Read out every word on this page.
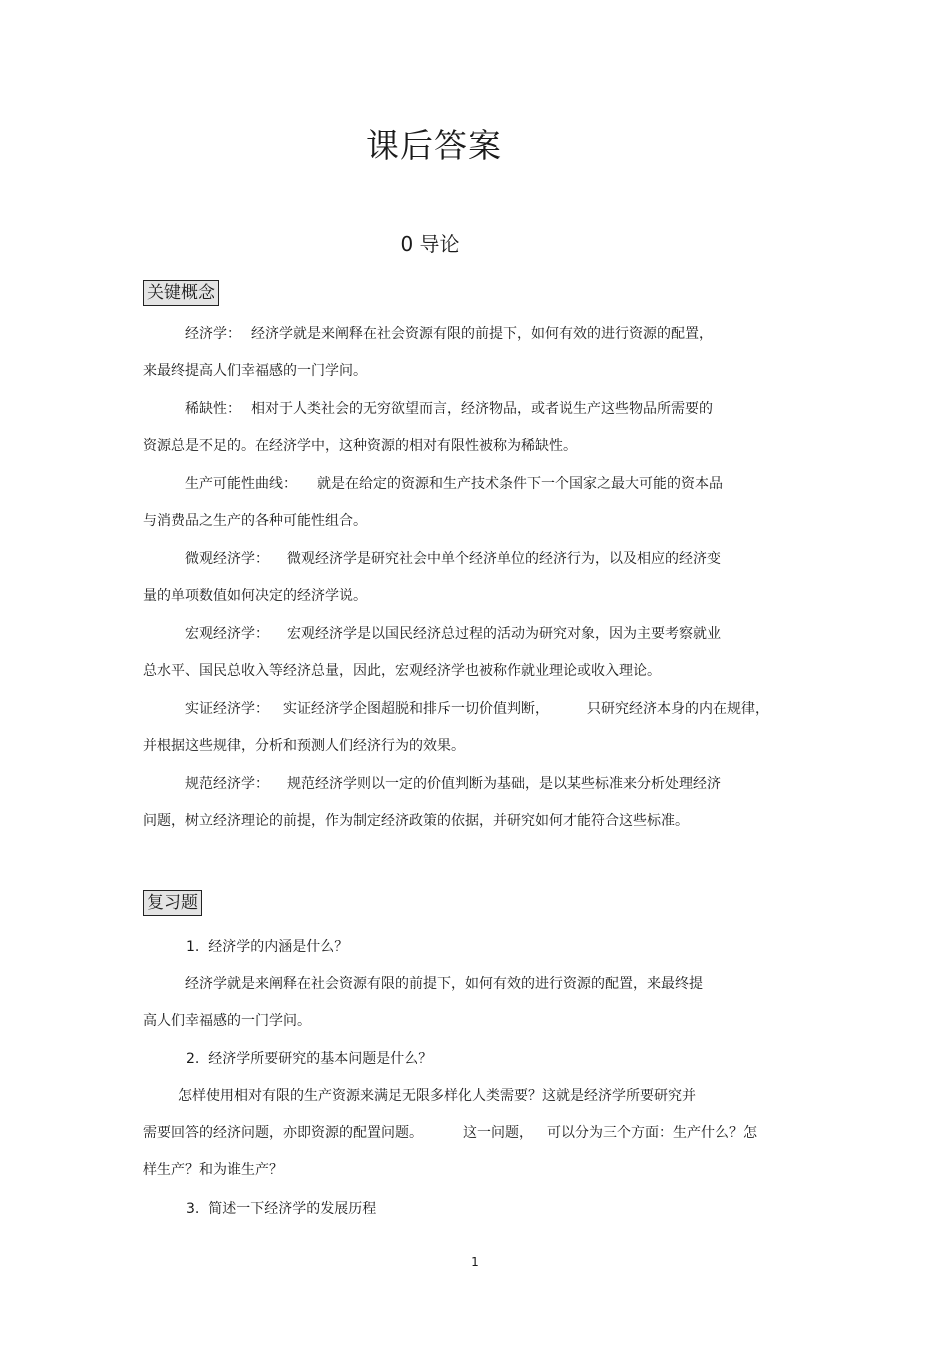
课后答案
0 导论
关键概念
经济学： 经济学就是来阐释在社会资源有限的前提下，如何有效的进行资源的配置，
来最终提高人们幸福感的一门学问。
稀缺性： 相对于人类社会的无穷欲望而言，经济物品，或者说生产这些物品所需要的
资源总是不足的。在经济学中，这种资源的相对有限性被称为稀缺性。
生产可能性曲线： 就是在给定的资源和生产技术条件下一个国家之最大可能的资本品
与消费品之生产的各种可能性组合。
微观经济学： 微观经济学是研究社会中单个经济单位的经济行为，以及相应的经济变
量的单项数值如何决定的经济学说。
宏观经济学： 宏观经济学是以国民经济总过程的活动为研究对象，因为主要考察就业
总水平、国民总收入等经济总量，因此，宏观经济学也被称作就业理论或收入理论。
实证经济学： 实证经济学企图超脱和排斥一切价值判断，	只研究经济本身的内在规律，
并根据这些规律，分析和预测人们经济行为的效果。
规范经济学： 规范经济学则以一定的价值判断为基础，是以某些标准来分析处理经济
问题，树立经济理论的前提，作为制定经济政策的依据，并研究如何才能符合这些标准。
复习题
1.  经济学的内涵是什么？
经济学就是来阐释在社会资源有限的前提下，如何有效的进行资源的配置，来最终提
高人们幸福感的一门学问。
2.  经济学所要研究的基本问题是什么？
怎样使用相对有限的生产资源来满足无限多样化人类需要？这就是经济学所要研究并
需要回答的经济问题，亦即资源的配置问题。	这一问题， 可以分为三个方面：生产什么？怎
样生产？和为谁生产？
3.  简述一下经济学的发展历程
1
